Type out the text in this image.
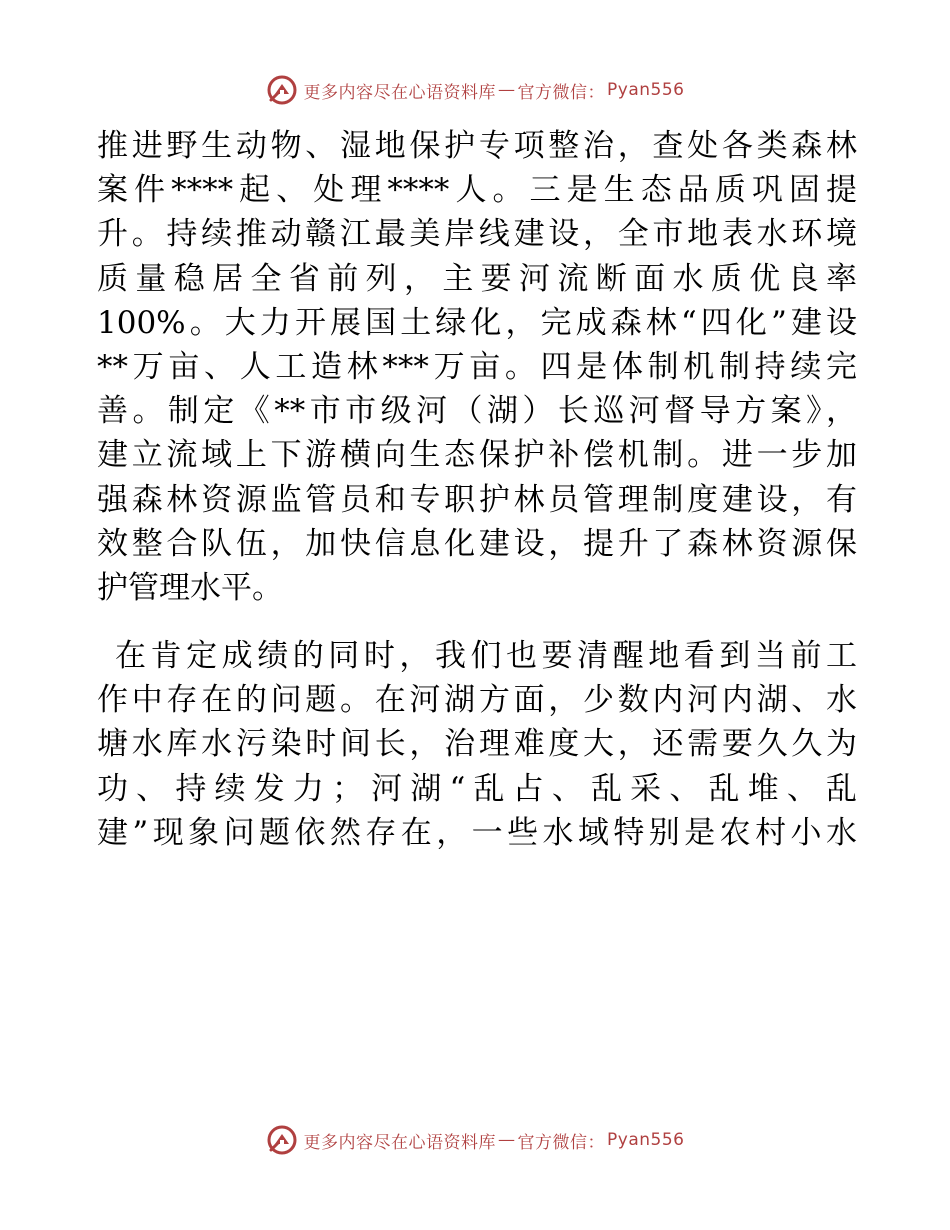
更多内容尽在心语资料库 — 官方微信： Pyan556
推进野生动物、湿地保护专项整治，查处各类森林
案件****起、处理****人。三是生态品质巩固提
升。持续推动赣江最美岸线建设，全市地表水环境
质量稳居全省前列，主要河流断面水质优良率
100%。大力开展国土绿化，完成森林“四化”建设
**万亩、人工造林***万亩。四是体制机制持续完
善。制定《**市市级河（湖）长巡河督导方案》，
建立流域上下游横向生态保护补偿机制。进一步加
强森林资源监管员和专职护林员管理制度建设，有
效整合队伍，加快信息化建设，提升了森林资源保
护管理水平。
在肯定成绩的同时，我们也要清醒地看到当前工
作中存在的问题。在河湖方面，少数内河内湖、水
塘水库水污染时间长，治理难度大，还需要久久为
功、持续发力；河湖“乱占、乱采、乱堆、乱
建”现象问题依然存在，一些水域特别是农村小水
更多内容尽在心语资料库 — 官方微信： Pyan556
